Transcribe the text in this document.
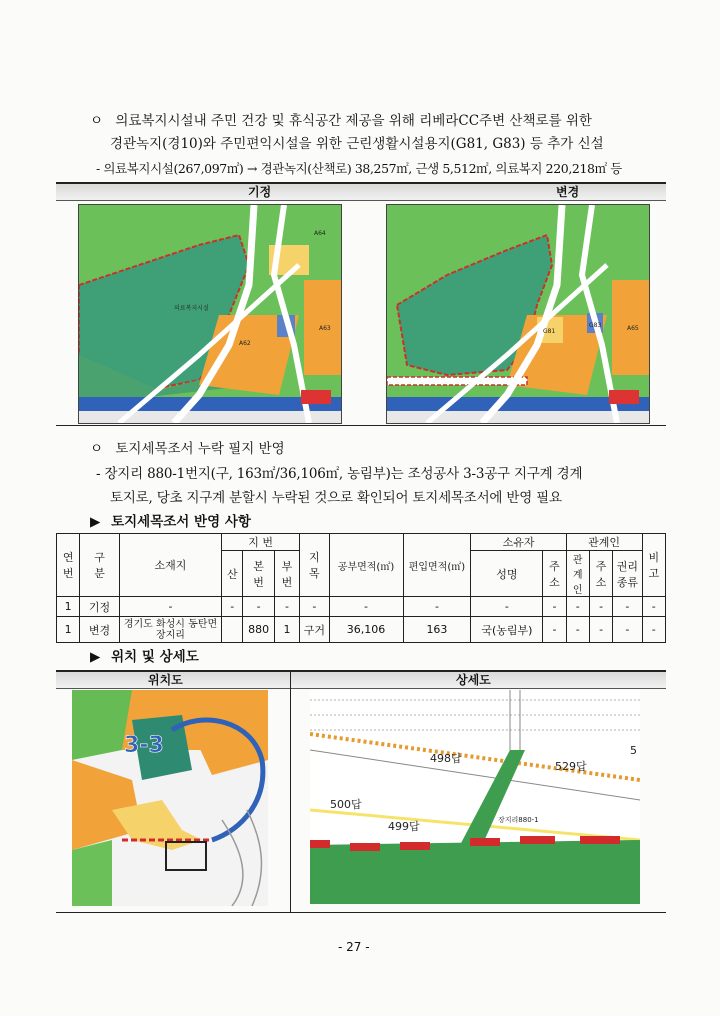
ㅇ 의료복지시설내 주민 건강 및 휴식공간 제공을 위해 리베라CC주변 산책로를 위한
경관녹지(경10)와 주민편익시설을 위한 근린생활시설용지(G81, G83) 등 추가 신설
- 의료복지시설(267,097㎡) → 경관녹지(산책로) 38,257㎡, 근생 5,512㎡, 의료복지 220,218㎡ 등
기정	변경
의료복지시설
A62
A63
A64
G81
G83	A65
ㅇ 토지세목조서 누락 필지 반영
- 장지리 880-1번지(구, 163㎡/36,106㎡, 농림부)는 조성공사 3-3공구 지구계 경계
토지로, 당초 지구계 분할시 누락된 것으로 확인되어 토지세목조서에 반영 필요
▶ 토지세목조서 반영 사항
연번	구분	소재지	지 번			지목	공부면적(㎡)	편입면적(㎡)	소유자		관계인			비고
			산	본번	부번				성명	주소	관계인	주소	권리종류	
1	기정	-	-	-	-	-	-	-	-	-	-	-	-	-
1	변경	경기도 화성시 동탄면 장지리		880	1	구거	36,106	163	국(농림부)	-	-	-	-	-
▶ 위치 및 상세도
위치도	상세도
3-3
498답
529답
500답
499답	장지리880-1
5
- 27 -
